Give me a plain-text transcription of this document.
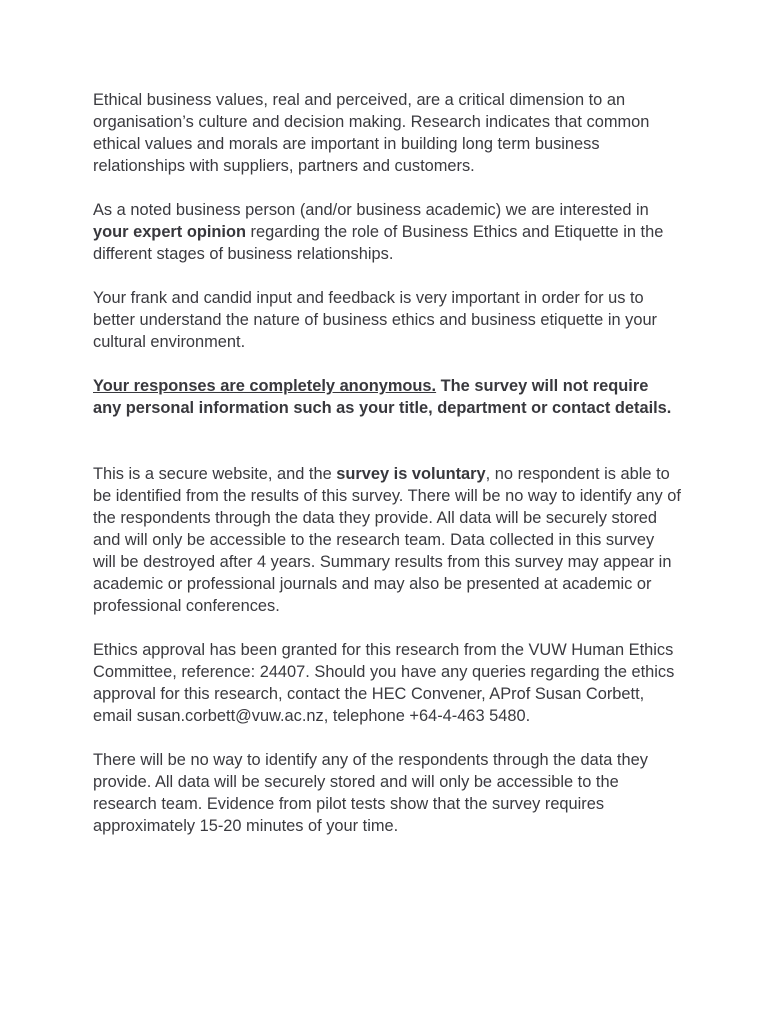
Ethical business values, real and perceived, are a critical dimension to an organisation’s culture and decision making. Research indicates that common ethical values and morals are important in building long term business relationships with suppliers, partners and customers.

As a noted business person (and/or business academic) we are interested in your expert opinion regarding the role of Business Ethics and Etiquette in the different stages of business relationships.

Your frank and candid input and feedback is very important in order for us to better understand the nature of business ethics and business etiquette in your cultural environment.

Your responses are completely anonymous. The survey will not require any personal information such as your title, department or contact details.

This is a secure website, and the survey is voluntary, no respondent is able to be identified from the results of this survey. There will be no way to identify any of the respondents through the data they provide. All data will be securely stored and will only be accessible to the research team. Data collected in this survey will be destroyed after 4 years. Summary results from this survey may appear in academic or professional journals and may also be presented at academic or professional conferences.

Ethics approval has been granted for this research from the VUW Human Ethics Committee, reference: 24407. Should you have any queries regarding the ethics approval for this research, contact the HEC Convener, AProf Susan Corbett, email susan.corbett@vuw.ac.nz, telephone +64-4-463 5480.

There will be no way to identify any of the respondents through the data they provide. All data will be securely stored and will only be accessible to the research team. Evidence from pilot tests show that the survey requires approximately 15-20 minutes of your time.
